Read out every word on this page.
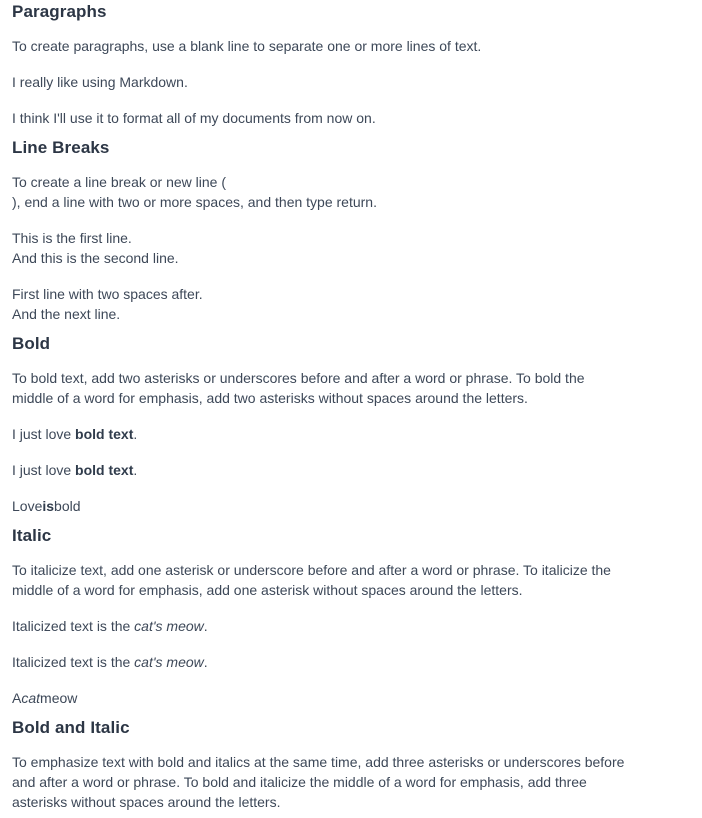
Paragraphs

To create paragraphs, use a blank line to separate one or more lines of text.

I really like using Markdown.

I think I'll use it to format all of my documents from now on.

Line Breaks

To create a line break or new line (
), end a line with two or more spaces, and then type return.

This is the first line.
And this is the second line.

First line with two spaces after.
And the next line.

Bold

To bold text, add two asterisks or underscores before and after a word or phrase. To bold the
middle of a word for emphasis, add two asterisks without spaces around the letters.

I just love bold text.

I just love bold text.

Loveisbold

Italic

To italicize text, add one asterisk or underscore before and after a word or phrase. To italicize the
middle of a word for emphasis, add one asterisk without spaces around the letters.

Italicized text is the cat's meow.

Italicized text is the cat's meow.

Acatmeow

Bold and Italic

To emphasize text with bold and italics at the same time, add three asterisks or underscores before
and after a word or phrase. To bold and italicize the middle of a word for emphasis, add three
asterisks without spaces around the letters.
